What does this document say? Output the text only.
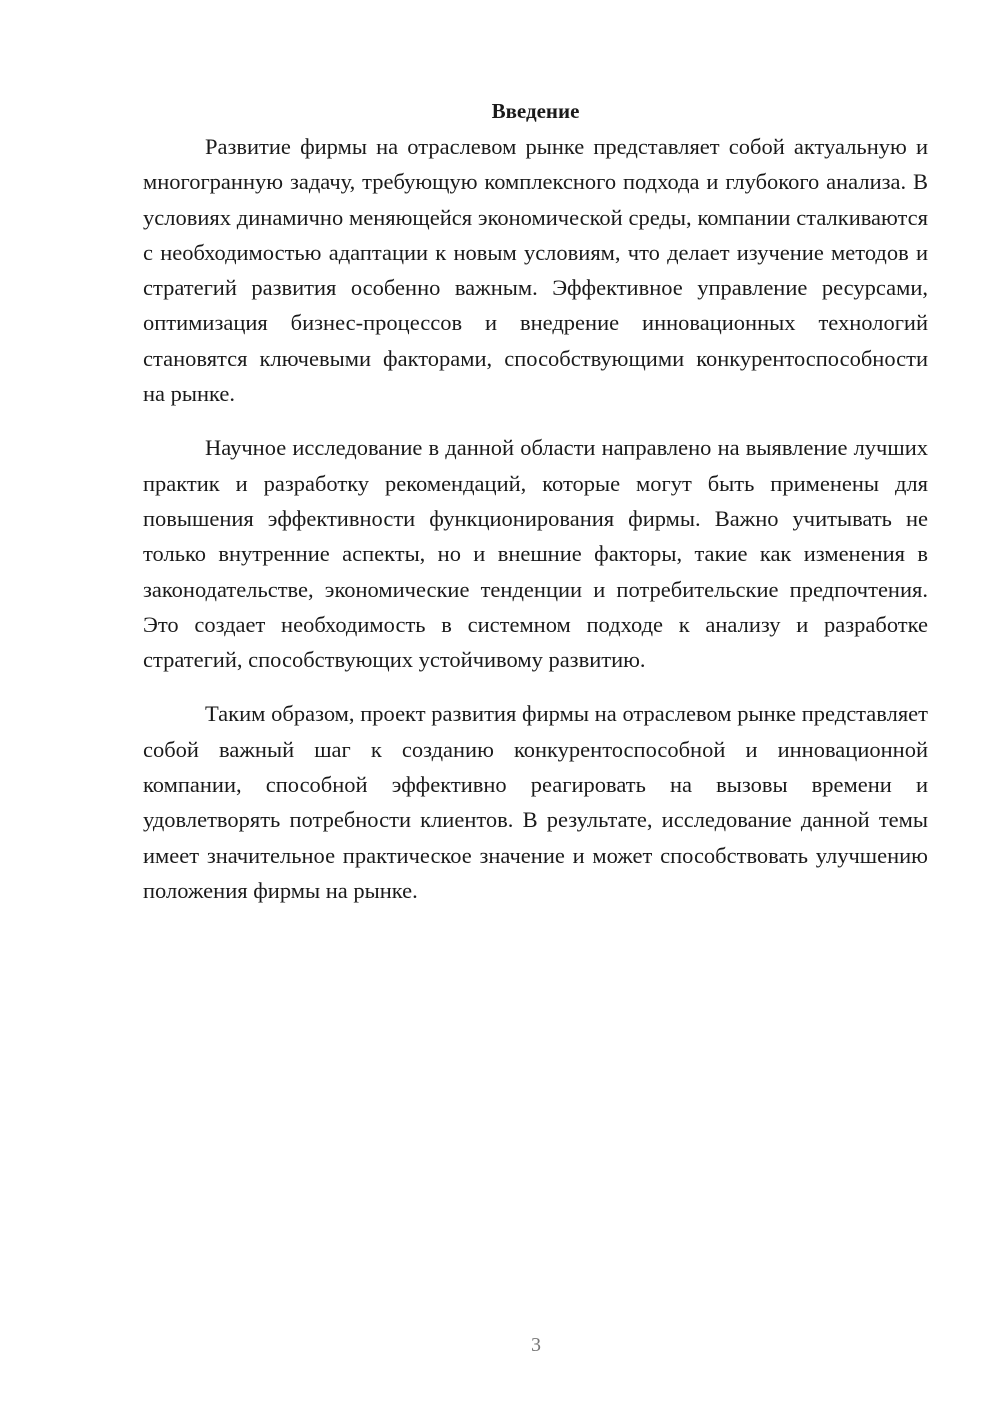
Введение

Развитие фирмы на отраслевом рынке представляет собой актуальную и многогранную задачу, требующую комплексного подхода и глубокого анализа. В условиях динамично меняющейся экономической среды, компании сталкиваются с необходимостью адаптации к новым условиям, что делает изучение методов и стратегий развития особенно важным. Эффективное управление ресурсами, оптимизация бизнес-процессов и внедрение инновационных технологий становятся ключевыми факторами, способствующими конкурентоспособности на рынке.

Научное исследование в данной области направлено на выявление лучших практик и разработку рекомендаций, которые могут быть применены для повышения эффективности функционирования фирмы. Важно учитывать не только внутренние аспекты, но и внешние факторы, такие как изменения в законодательстве, экономические тенденции и потребительские предпочтения. Это создает необходимость в системном подходе к анализу и разработке стратегий, способствующих устойчивому развитию.

Таким образом, проект развития фирмы на отраслевом рынке представляет собой важный шаг к созданию конкурентоспособной и инновационной компании, способной эффективно реагировать на вызовы времени и удовлетворять потребности клиентов. В результате, исследование данной темы имеет значительное практическое значение и может способствовать улучшению положения фирмы на рынке.

3
